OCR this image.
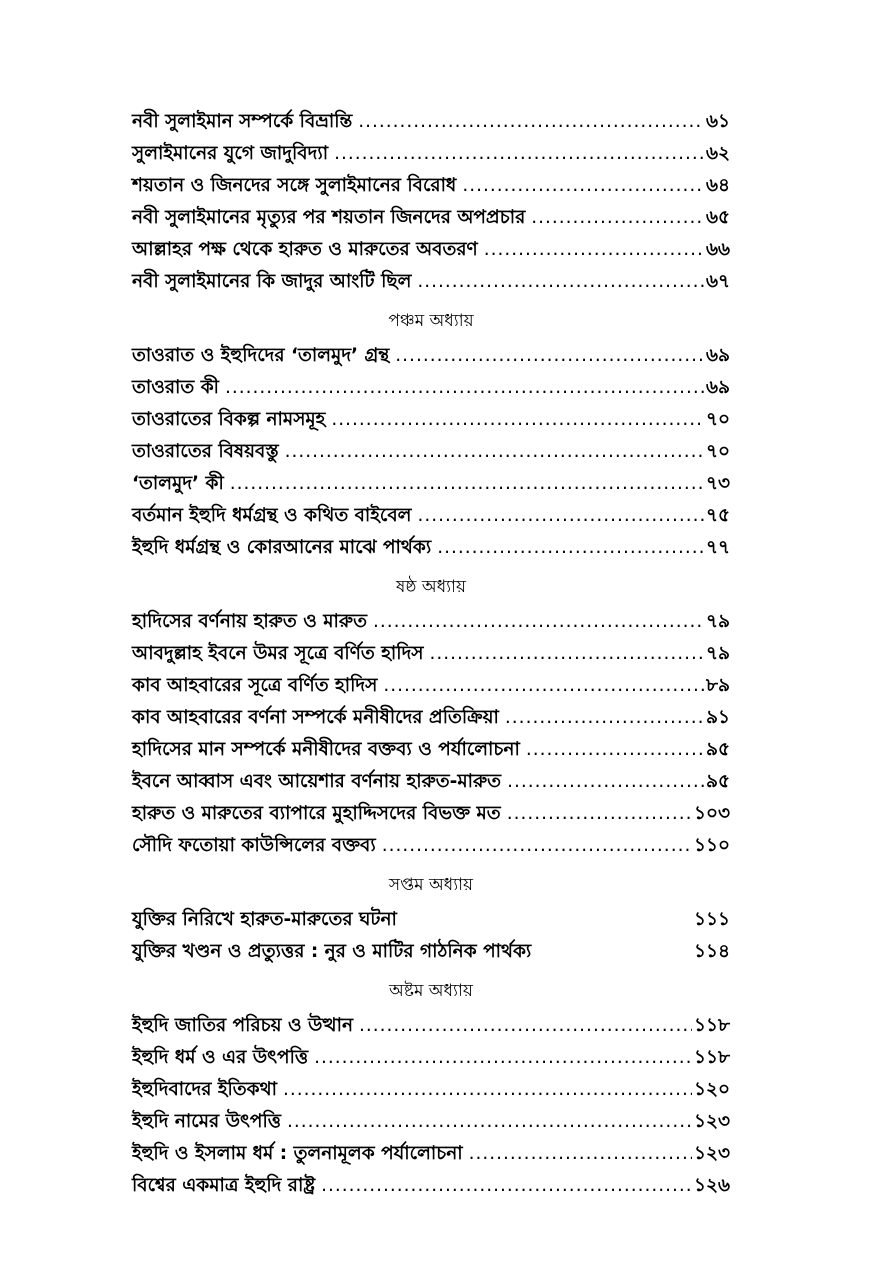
নবী সুলাইমান সম্পর্কে বিভ্রান্তি .....	৬১
সুলাইমানের যুগে জাদুবিদ্যা .....	৬২
শয়তান ও জিনদের সঙ্গে সুলাইমানের বিরোধ .....	৬৪
নবী সুলাইমানের মৃত্যুর পর শয়তান জিনদের অপপ্রচার .....	৬৫
আল্লাহর পক্ষ থেকে হারুত ও মারুতের অবতরণ .....	৬৬
নবী সুলাইমানের কি জাদুর আংটি ছিল .....	৬৭
পঞ্চম অধ্যায়
তাওরাত ও ইহুদিদের ‘তালমুদ’ গ্রন্থ .....	৬৯
তাওরাত কী .....	৬৯
তাওরাতের বিকল্প নামসমূহ .....	৭০
তাওরাতের বিষয়বস্তু .....	৭০
‘তালমুদ’ কী .....	৭৩
বর্তমান ইহুদি ধর্মগ্রন্থ ও কথিত বাইবেল .....	৭৫
ইহুদি ধর্মগ্রন্থ ও কোরআনের মাঝে পার্থক্য .....	৭৭
ষষ্ঠ অধ্যায়
হাদিসের বর্ণনায় হারুত ও মারুত .....	৭৯
আবদুল্লাহ ইবনে উমর সূত্রে বর্ণিত হাদিস .....	৭৯
কাব আহবারের সূত্রে বর্ণিত হাদিস .....	৮৯
কাব আহবারের বর্ণনা সম্পর্কে মনীষীদের প্রতিক্রিয়া .....	৯১
হাদিসের মান সম্পর্কে মনীষীদের বক্তব্য ও পর্যালোচনা .....	৯৫
ইবনে আব্বাস এবং আয়েশার বর্ণনায় হারুত-মারুত .....	৯৫
হারুত ও মারুতের ব্যাপারে মুহাদ্দিসদের বিভক্ত মত .....	১০৩
সৌদি ফতোয়া কাউন্সিলের বক্তব্য .....	১১০
সপ্তম অধ্যায়
যুক্তির নিরিখে হারুত-মারুতের ঘটনা	১১১
যুক্তির খণ্ডন ও প্রত্যুত্তর : নুর ও মাটির গাঠনিক পার্থক্য	১১৪
অষ্টম অধ্যায়
ইহুদি জাতির পরিচয় ও উত্থান .....	১১৮
ইহুদি ধর্ম ও এর উৎপত্তি .....	১১৮
ইহুদিবাদের ইতিকথা .....	১২০
ইহুদি নামের উৎপত্তি .....	১২৩
ইহুদি ও ইসলাম ধর্ম : তুলনামূলক পর্যালোচনা .....	১২৩
বিশ্বের একমাত্র ইহুদি রাষ্ট্র .....	১২৬
